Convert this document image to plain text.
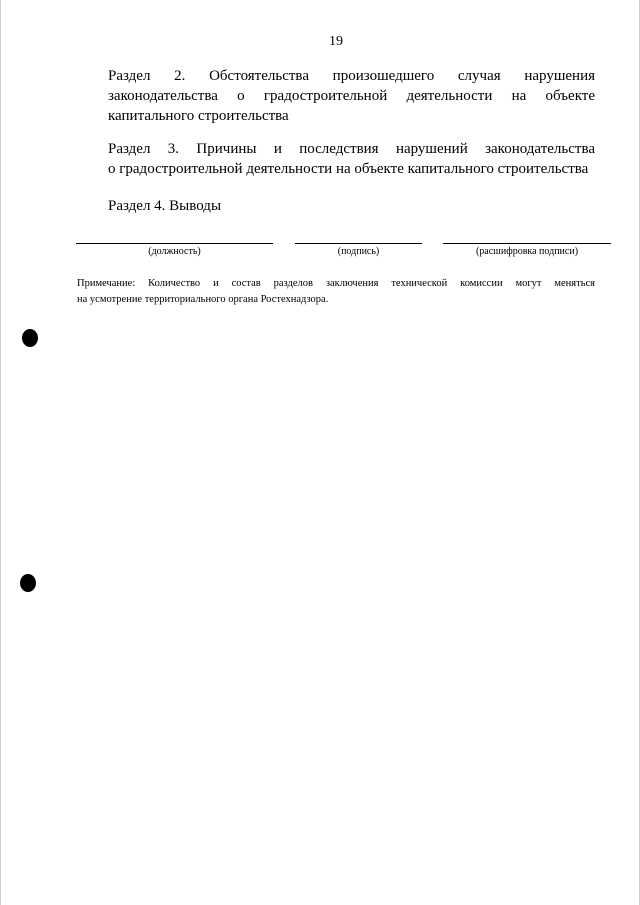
19
Раздел 2. Обстоятельства произошедшего случая нарушения
законодательства о градостроительной деятельности на объекте
капитального строительства
Раздел 3. Причины и последствия нарушений законодательства
о градостроительной деятельности на объекте капитального строительства
Раздел 4. Выводы
(должность)	(подпись)	(расшифровка подписи)
Примечание: Количество и состав разделов заключения технической комиссии могут меняться
на усмотрение территориального органа Ростехнадзора.
